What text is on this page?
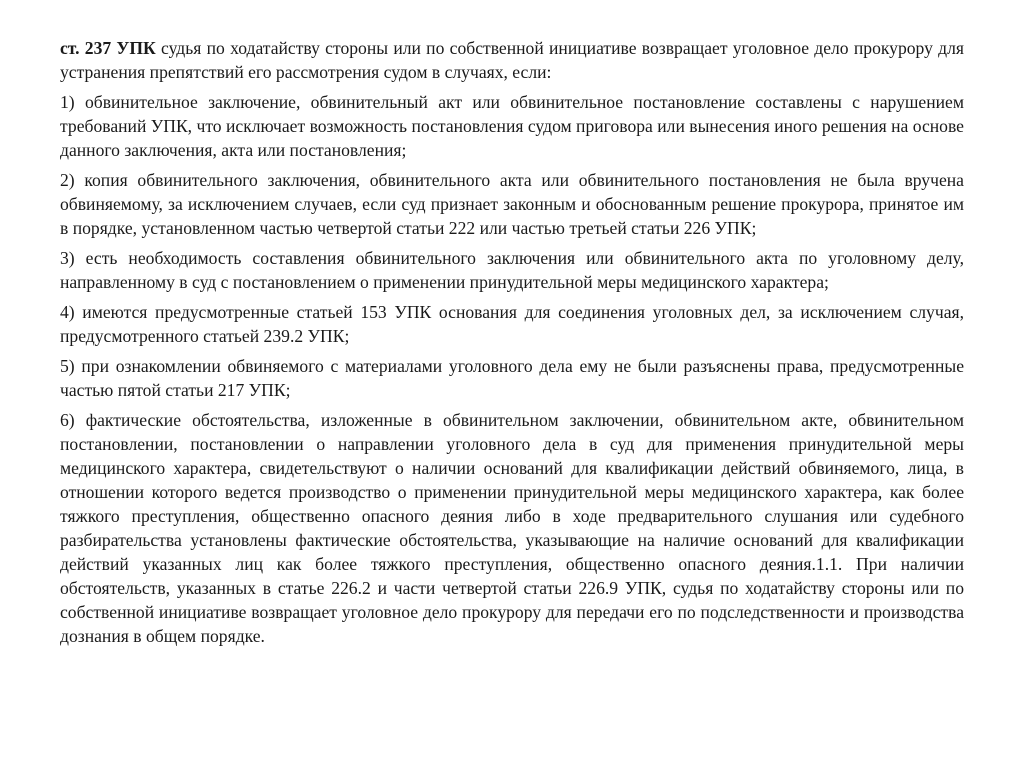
ст. 237 УПК судья по ходатайству стороны или по собственной инициативе возвращает уголовное дело прокурору для устранения препятствий его рассмотрения судом в случаях, если:

1) обвинительное заключение, обвинительный акт или обвинительное постановление составлены с нарушением требований УПК, что исключает возможность постановления судом приговора или вынесения иного решения на основе данного заключения, акта или постановления;

2) копия обвинительного заключения, обвинительного акта или обвинительного постановления не была вручена обвиняемому, за исключением случаев, если суд признает законным и обоснованным решение прокурора, принятое им в порядке, установленном частью четвертой статьи 222 или частью третьей статьи 226 УПК;

3) есть необходимость составления обвинительного заключения или обвинительного акта по уголовному делу, направленному в суд с постановлением о применении принудительной меры медицинского характера;

4) имеются предусмотренные статьей 153 УПК основания для соединения уголовных дел, за исключением случая, предусмотренного статьей 239.2 УПК;

5) при ознакомлении обвиняемого с материалами уголовного дела ему не были разъяснены права, предусмотренные частью пятой статьи 217 УПК;

6) фактические обстоятельства, изложенные в обвинительном заключении, обвинительном акте, обвинительном постановлении, постановлении о направлении уголовного дела в суд для применения принудительной меры медицинского характера, свидетельствуют о наличии оснований для квалификации действий обвиняемого, лица, в отношении которого ведется производство о применении принудительной меры медицинского характера, как более тяжкого преступления, общественно опасного деяния либо в ходе предварительного слушания или судебного разбирательства установлены фактические обстоятельства, указывающие на наличие оснований для квалификации действий указанных лиц как более тяжкого преступления, общественно опасного деяния.1.1. При наличии обстоятельств, указанных в статье 226.2 и части четвертой статьи 226.9 УПК, судья по ходатайству стороны или по собственной инициативе возвращает уголовное дело прокурору для передачи его по подследственности и производства дознания в общем порядке.
